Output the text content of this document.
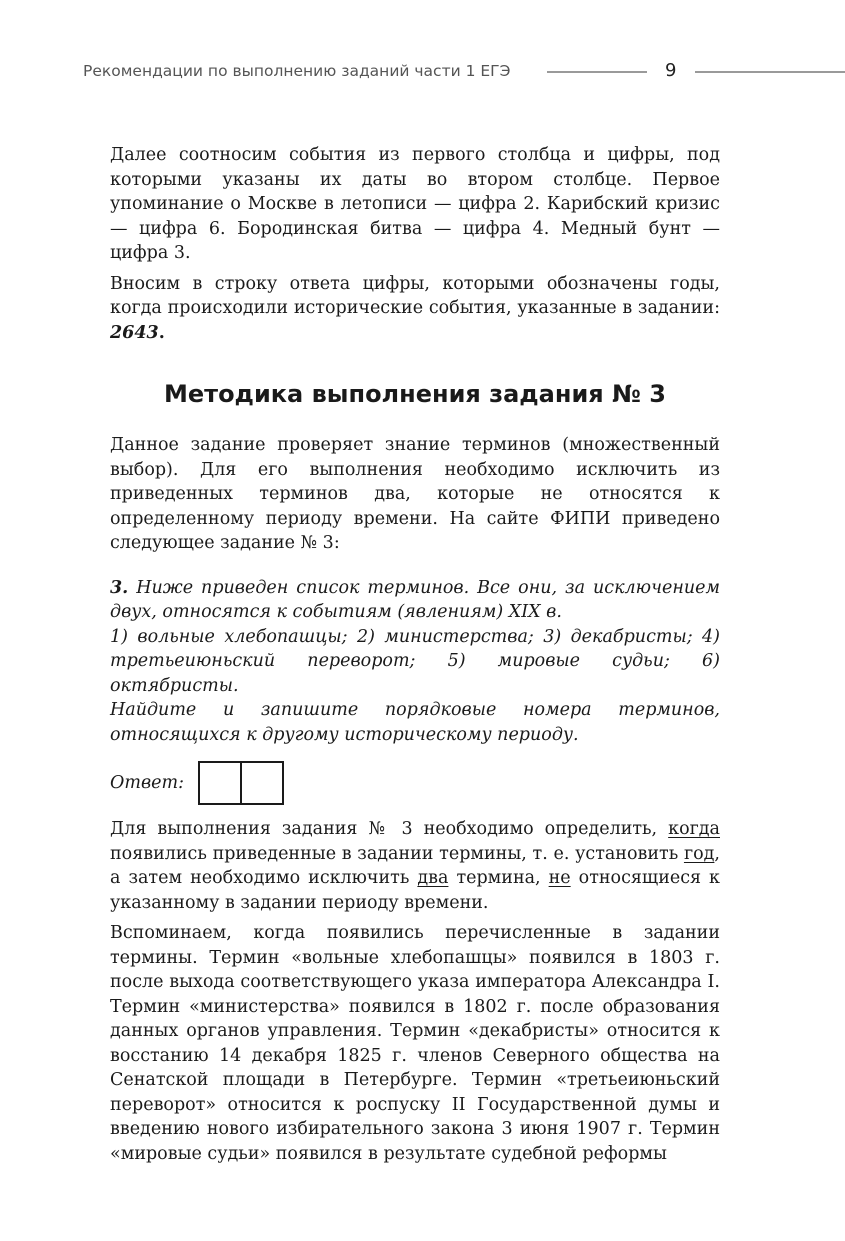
Рекомендации по выполнению заданий части 1 ЕГЭ	9

Далее соотносим события из первого столбца и цифры, под которыми указаны их даты во втором столбце. Первое упоминание о Москве в летописи — цифра 2. Карибский кризис — цифра 6. Бородинская битва — цифра 4. Медный бунт — цифра 3.

Вносим в строку ответа цифры, которыми обозначены годы, когда происходили исторические события, указанные в задании: 2643.

Методика выполнения задания № 3

Данное задание проверяет знание терминов (множественный выбор). Для его выполнения необходимо исключить из приведенных терминов два, которые не относятся к определенному периоду времени. На сайте ФИПИ приведено следующее задание № 3:

3. Ниже приведен список терминов. Все они, за исключением двух, относятся к событиям (явлениям) XIX в.

1) вольные хлебопашцы; 2) министерства; 3) декабристы; 4) третьеиюньский переворот; 5) мировые судьи; 6) октябристы.

Найдите и запишите порядковые номера терминов, относящихся к другому историческому периоду.

Ответ:

Для выполнения задания № 3 необходимо определить, когда появились приведенные в задании термины, т. е. установить год, а затем необходимо исключить два термина, не относящиеся к указанному в задании периоду времени.

Вспоминаем, когда появились перечисленные в задании термины. Термин «вольные хлебопашцы» появился в 1803 г. после выхода соответствующего указа императора Александра I. Термин «министерства» появился в 1802 г. после образования данных органов управления. Термин «декабристы» относится к восстанию 14 декабря 1825 г. членов Северного общества на Сенатской площади в Петербурге. Термин «третьеиюньский переворот» относится к роспуску II Государственной думы и введению нового избирательного закона 3 июня 1907 г. Термин «мировые судьи» появился в результате судебной реформы
